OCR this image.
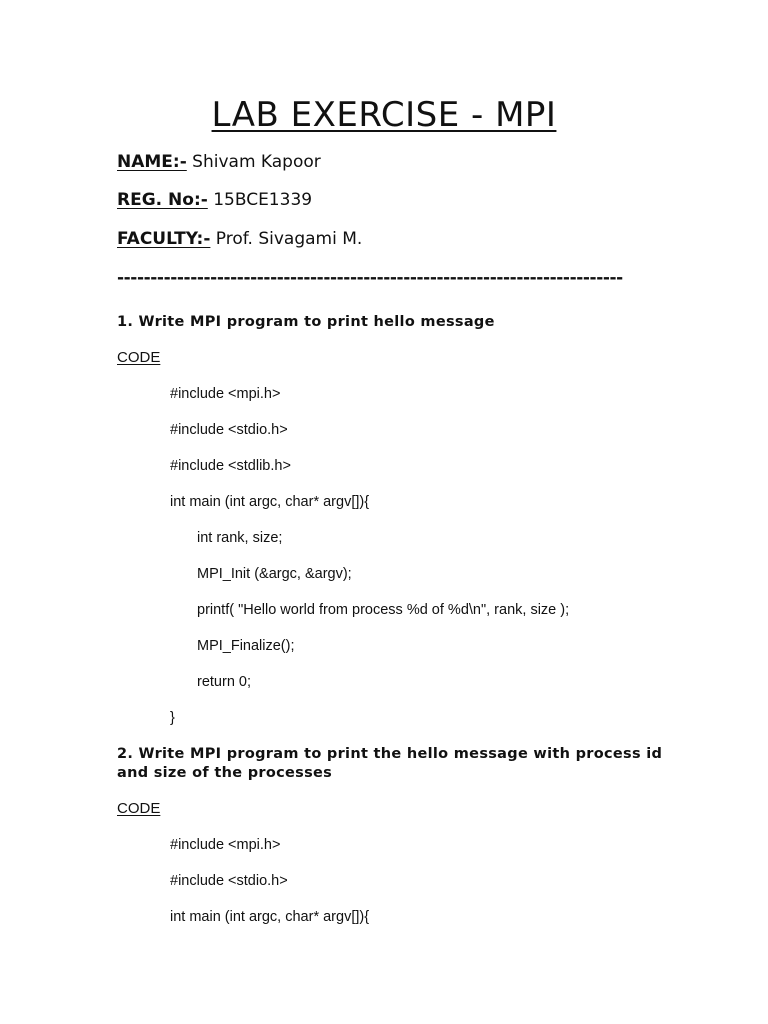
LAB EXERCISE - MPI
NAME:- Shivam Kapoor
REG. No:- 15BCE1339
FACULTY:- Prof. Sivagami M.
----------------------------------------------------------------------------
1. Write MPI program to print hello message
CODE
#include <mpi.h>
#include <stdio.h>
#include <stdlib.h>
int main (int argc, char* argv[]){
int rank, size;
MPI_Init (&argc, &argv);
printf( "Hello world from process %d of %d\n", rank, size );
MPI_Finalize();
return 0;
}
2. Write MPI program to print the hello message with process id and size of the processes
CODE
#include <mpi.h>
#include <stdio.h>
int main (int argc, char* argv[]){
